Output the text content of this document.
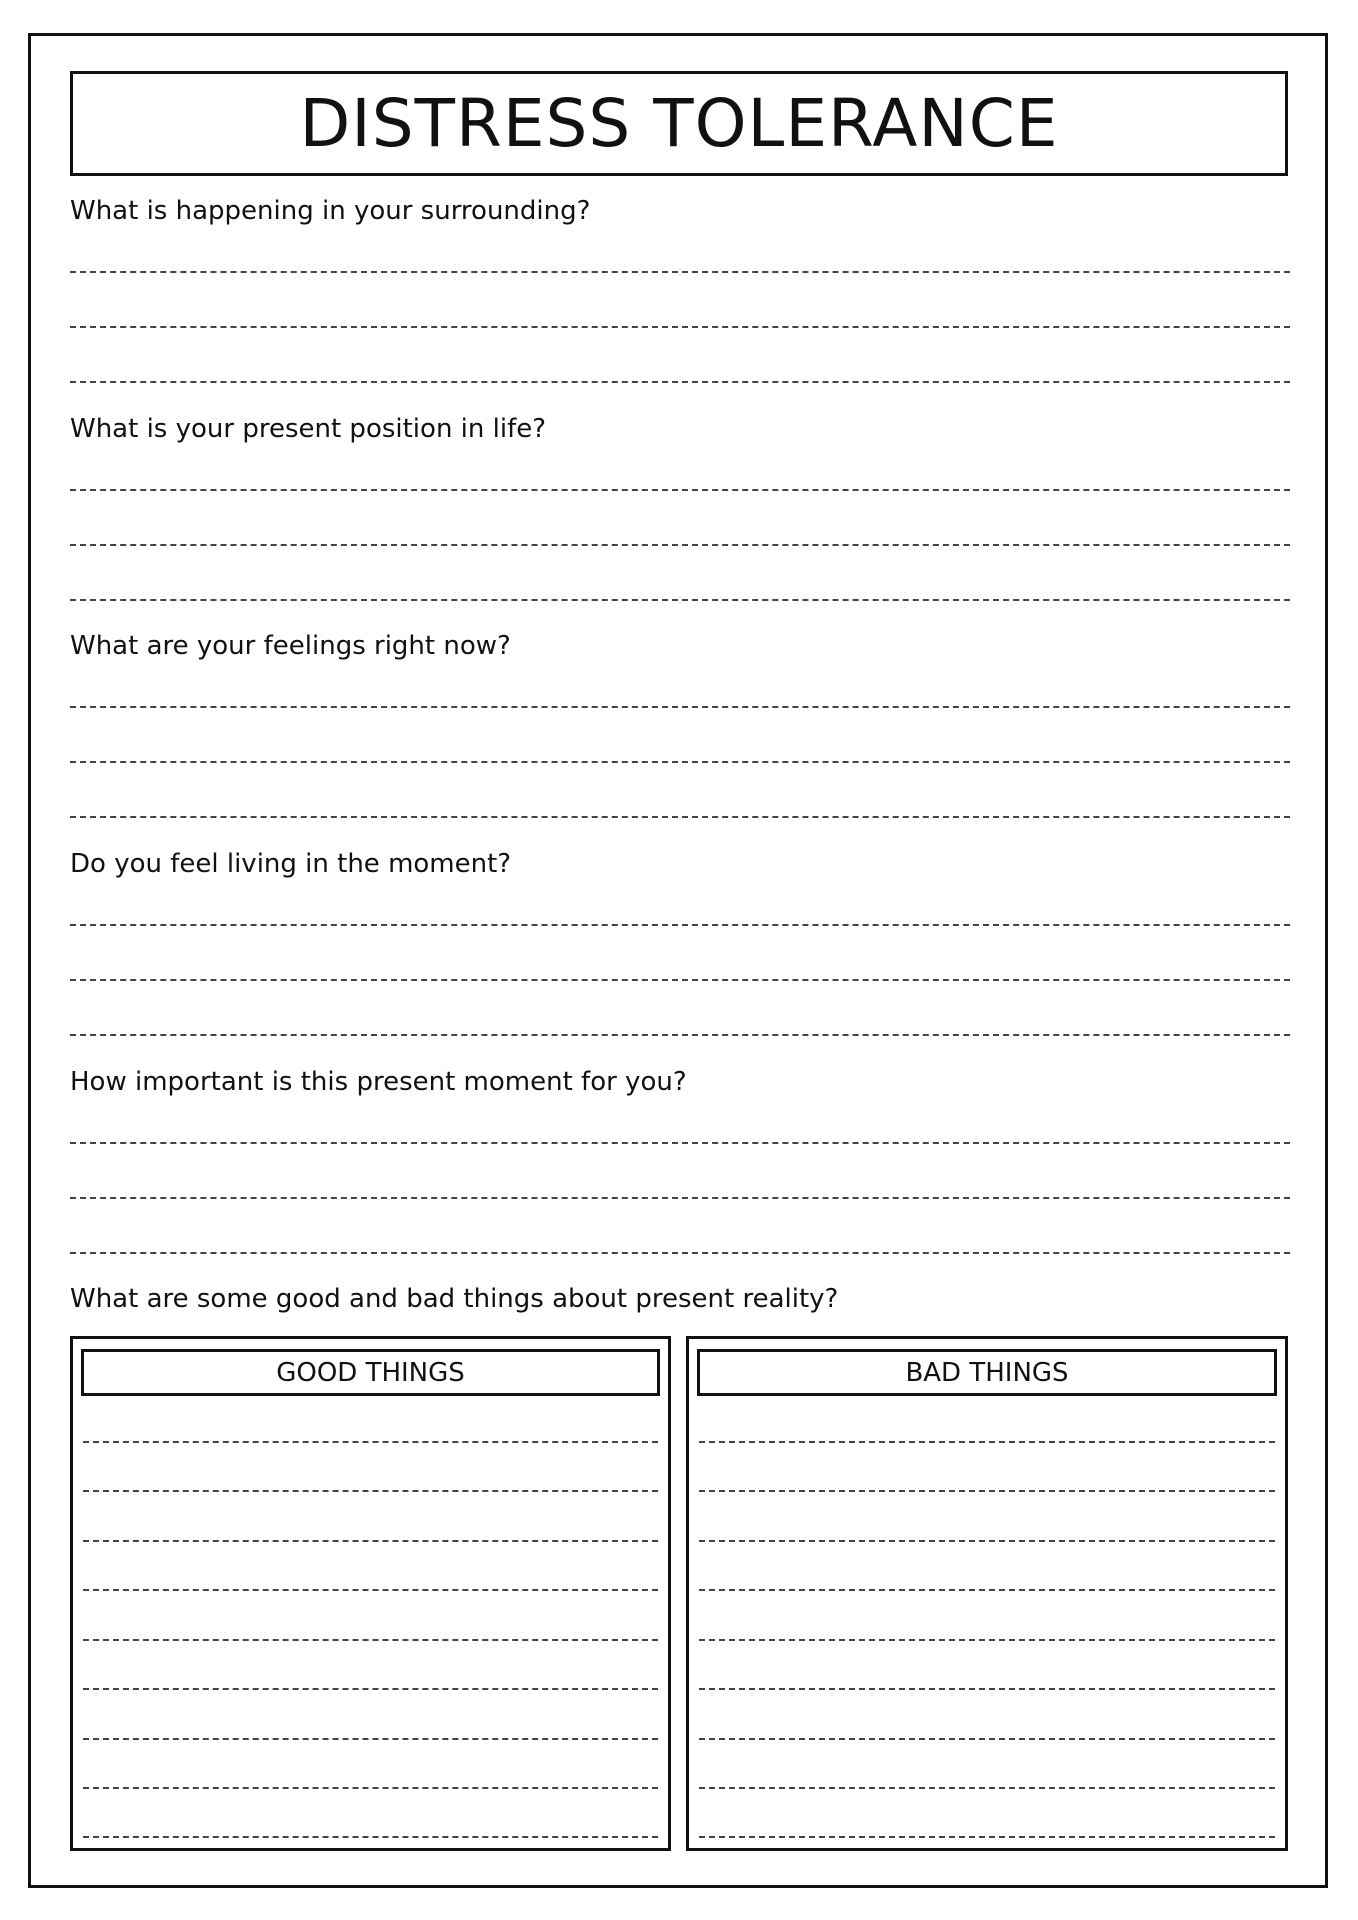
DISTRESS TOLERANCE
What is happening in your surrounding?
What is your present position in life?
What are your feelings right now?
Do you feel living in the moment?
How important is this present moment for you?
What are some good and bad things about present reality?
GOOD THINGS	BAD THINGS
